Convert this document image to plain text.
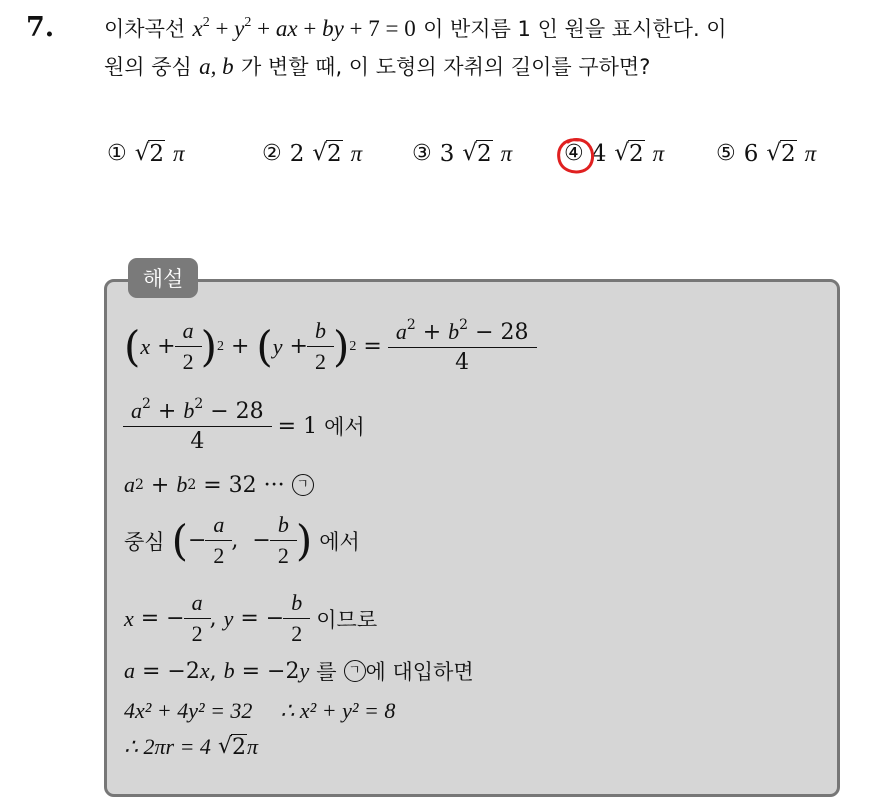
7. 이차곡선 $x^2 + y^2$ + ax + by + 7 = 0 이 반지름 1 인 원을 표시한다. 이
원의 중심 a, b 가 변할 때, 이 도형의 자취의 길이를 구하면?
① √ 2 π	② 2 √ 2 π ③ 3 √ 2 π ④ 4 √ 2 π ⑤ 6 √ 2 π
해설
( $x + \frac{a}{2}$ ) 2 + ( $y + \frac{b}{2}$ ) $2 = \frac{a^2 + b^2 - 28}{4}$
$\frac{a^2 + b^2 - 28}{4} = 1$ 에서
a 2 + b 2 = 32 ··· ㄱ
중심
( − $\frac{a}{2}$ ,  − $\frac{b}{2}$ )
에서
x = − $\frac{a}{2}$ , y = − $\frac{b}{2}$
이므로
a = −2 x , b = −2 y
를
ㄱ 에 대입하면
4x² + 4y² = 32
∴ x² + y² = 8
∴ 2πr = 4
√ 2 π
